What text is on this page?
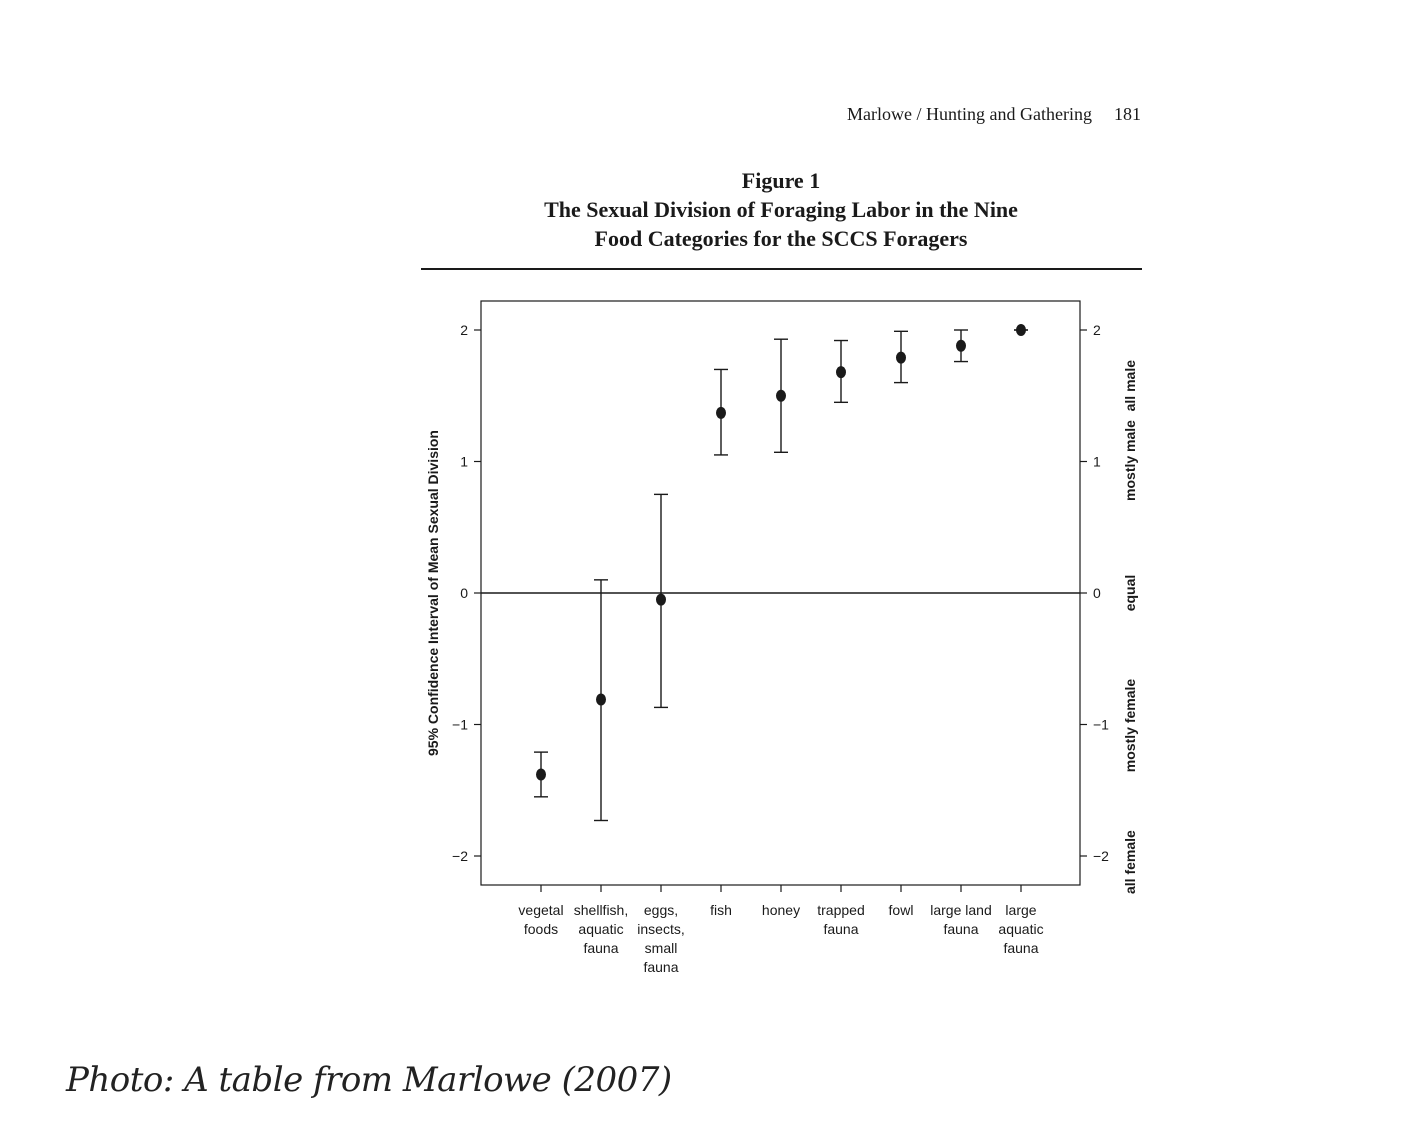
Marlowe / Hunting and Gathering 181
Figure 1
The Sexual Division of Foraging Labor in the Nine
Food Categories for the SCCS Foragers
−2
−1
0
1
2
−2
−1
0
1
2
all male
mostly male
equal
mostly female
all female
95% Confidence Interval of Mean Sexual Division
vegetal
foods
shellfish,
aquatic
fauna
eggs,
insects,
small
fauna
fish honey trapped
fauna
fowl large land
fauna
large
aquatic
fauna
Photo: A table from Marlowe (2007)
